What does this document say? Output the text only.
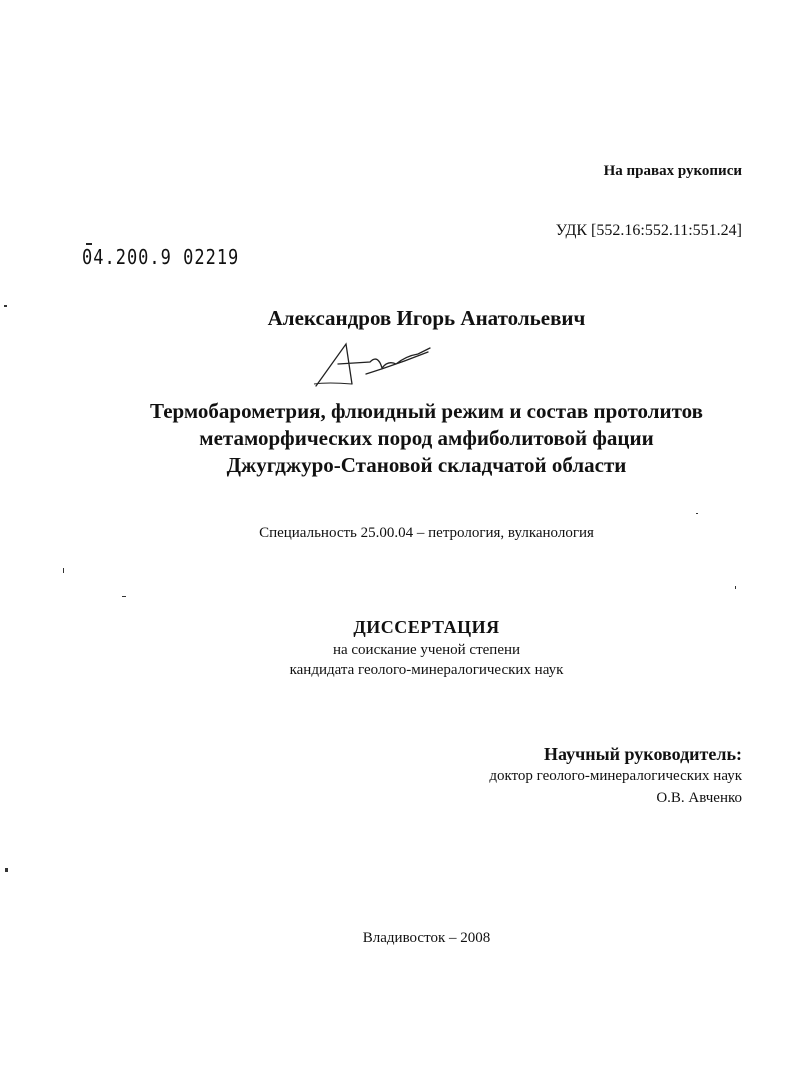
На правах рукописи
УДК [552.16:552.11:551.24]
04.200.9 02219
Александров Игорь Анатольевич
Термобарометрия, флюидный режим и состав протолитов
метаморфических пород амфиболитовой фации
Джугджуро-Становой складчатой области
Специальность 25.00.04 – петрология, вулканология
ДИССЕРТАЦИЯ
на соискание ученой степени
кандидата геолого-минералогических наук
Научный руководитель:
доктор геолого-минералогических наук
О.В. Авченко
Владивосток – 2008
